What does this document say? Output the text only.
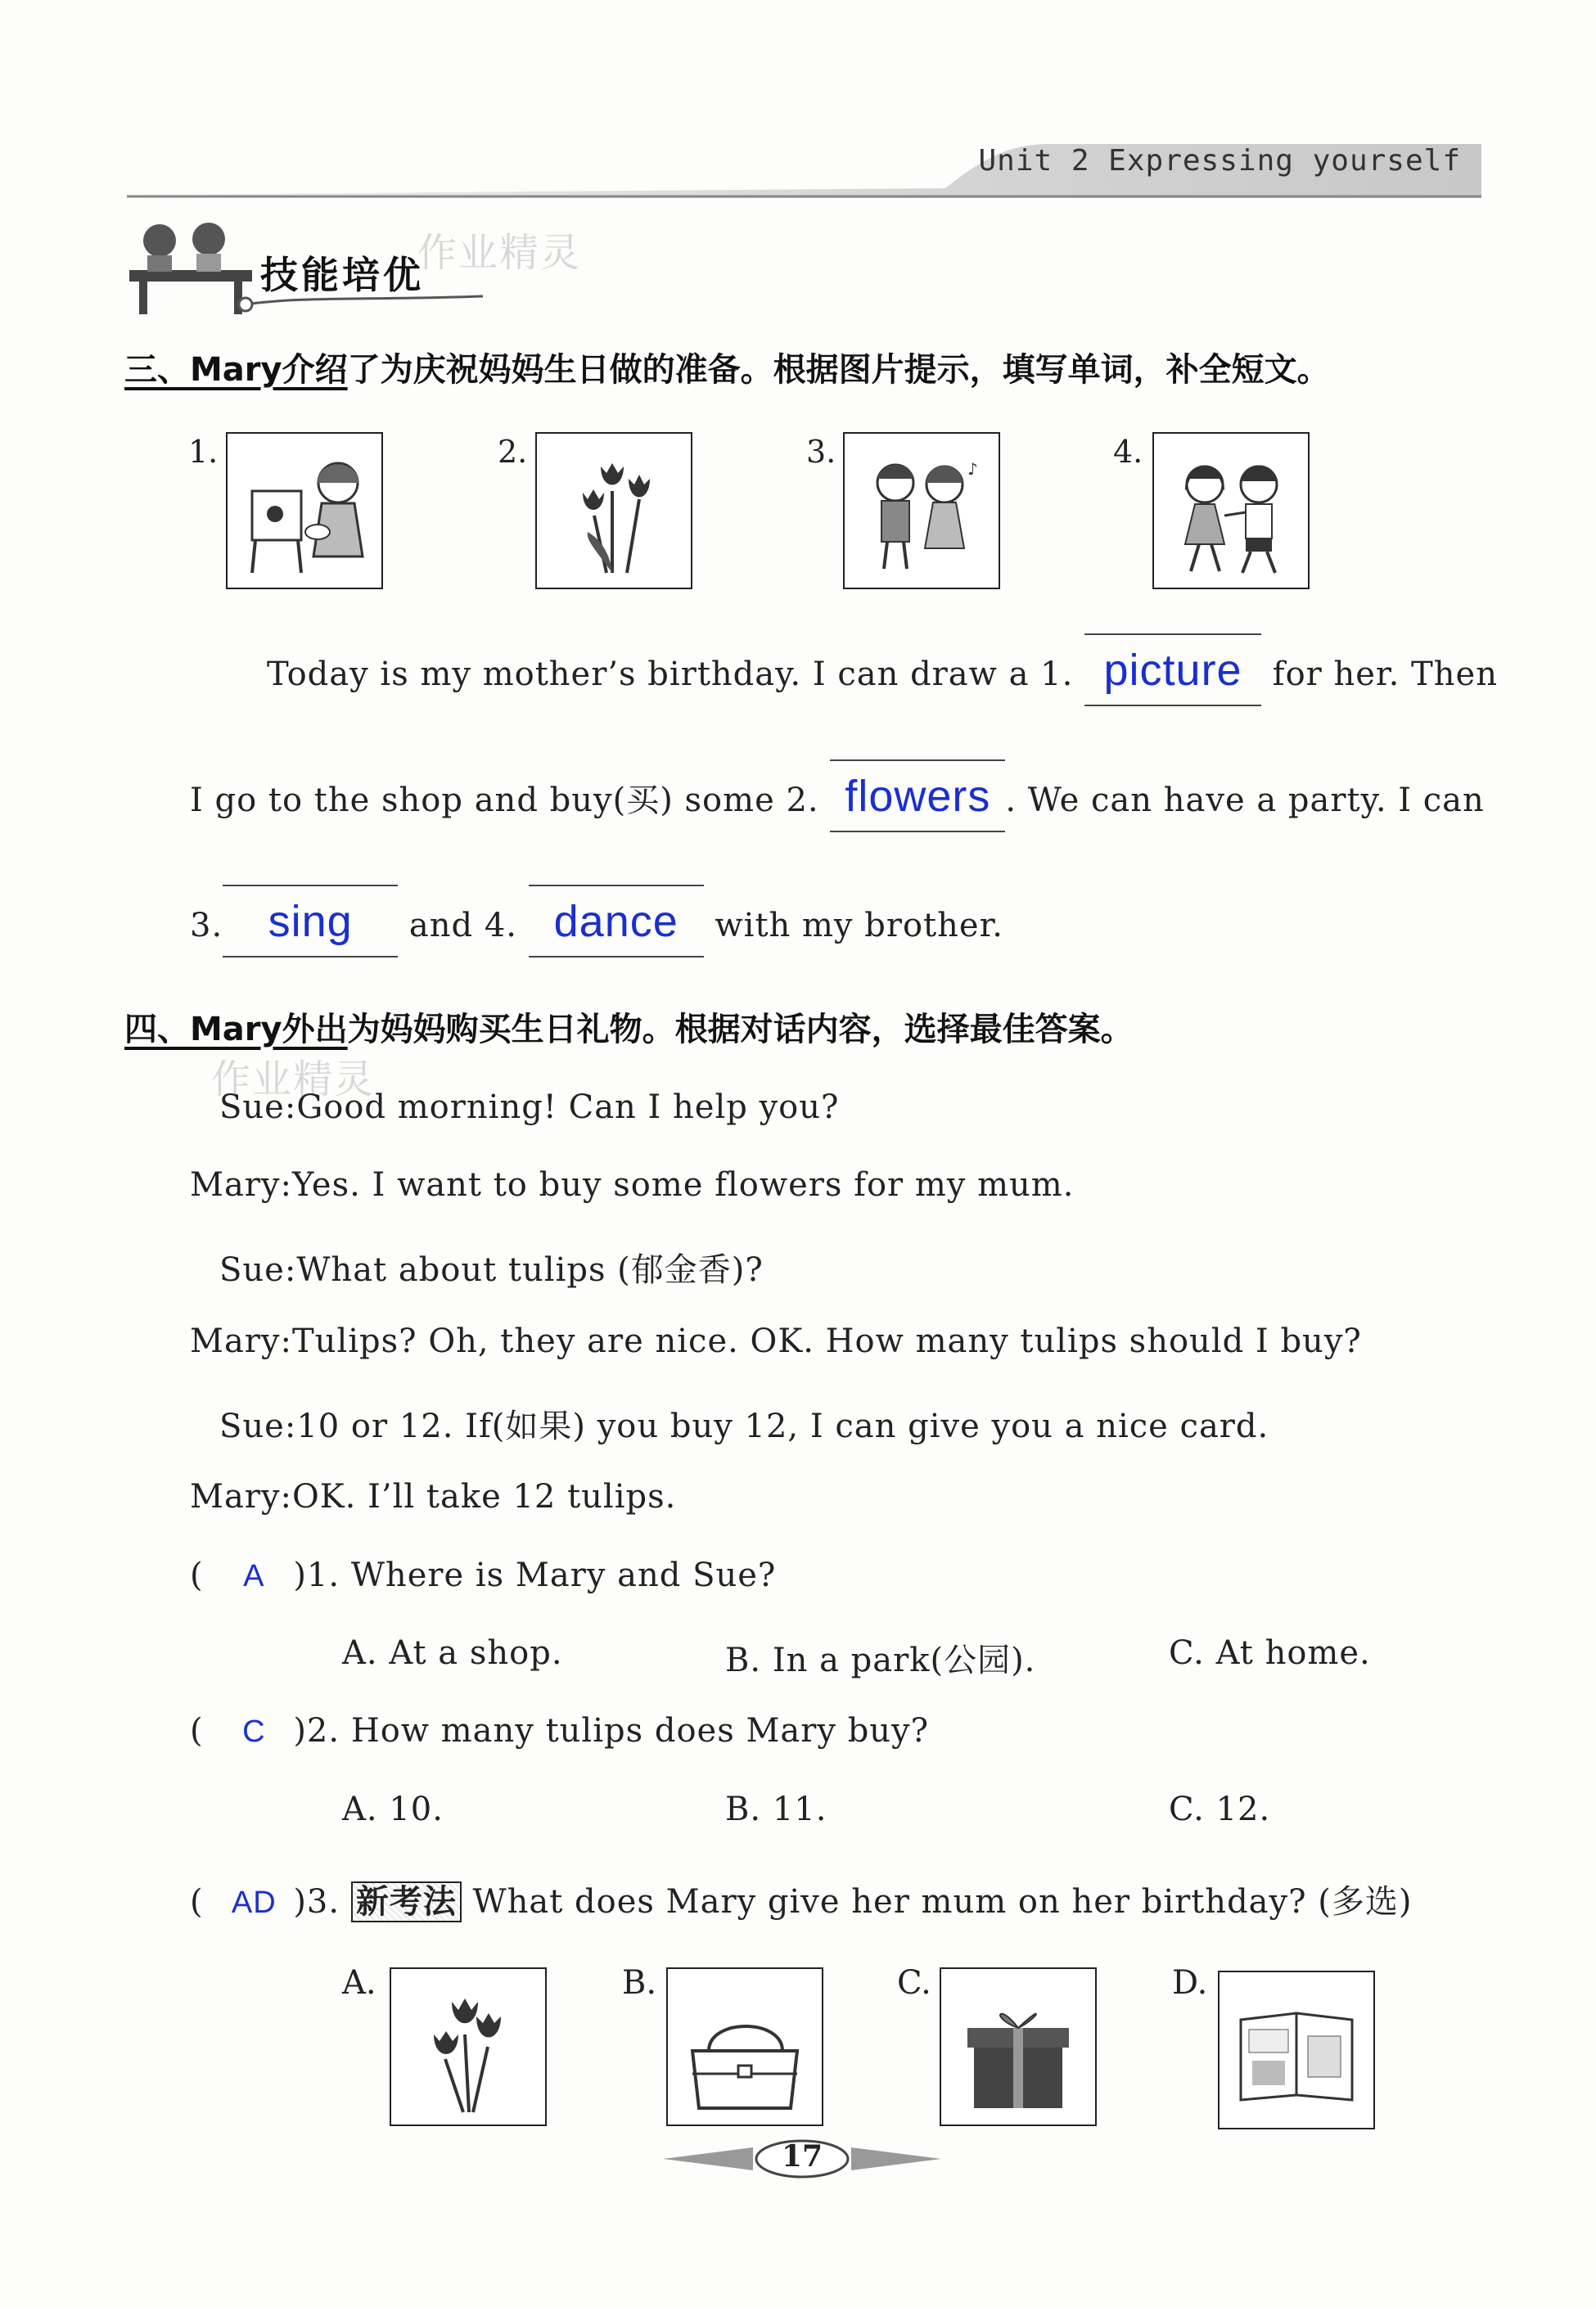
Unit 2 Expressing yourself
技能培优
作业精灵
三、Mary介绍了为庆祝妈妈生日做的准备。根据图片提示，填写单词，补全短文。
1.	2.	3.	♪	4.
Today is my mother’s birthday. I can draw a 1. picture for her. Then
I go to the shop and buy(买) some 2. flowers . We can have a party. I can
3. sing and 4. dance with my brother.
四、Mary外出为妈妈购买生日礼物。根据对话内容，选择最佳答案。
作业精灵
Sue:Good morning! Can I help you?
Mary:Yes. I want to buy some flowers for my mum.
Sue:What about tulips (郁金香)?
Mary:Tulips? Oh, they are nice. OK. How many tulips should I buy?
Sue:10 or 12. If(如果) you buy 12, I can give you a nice card.
Mary:OK. I’ll take 12 tulips.
( A )1. Where is Mary and Sue?
A. At a shop.	B. In a park(公园).	C. At home.
( C )2. How many tulips does Mary buy?
A. 10.	B. 11.	C. 12.
( AD )3. 新考法 What does Mary give her mum on her birthday? (多选)
A.	B.	C.	D.
17
